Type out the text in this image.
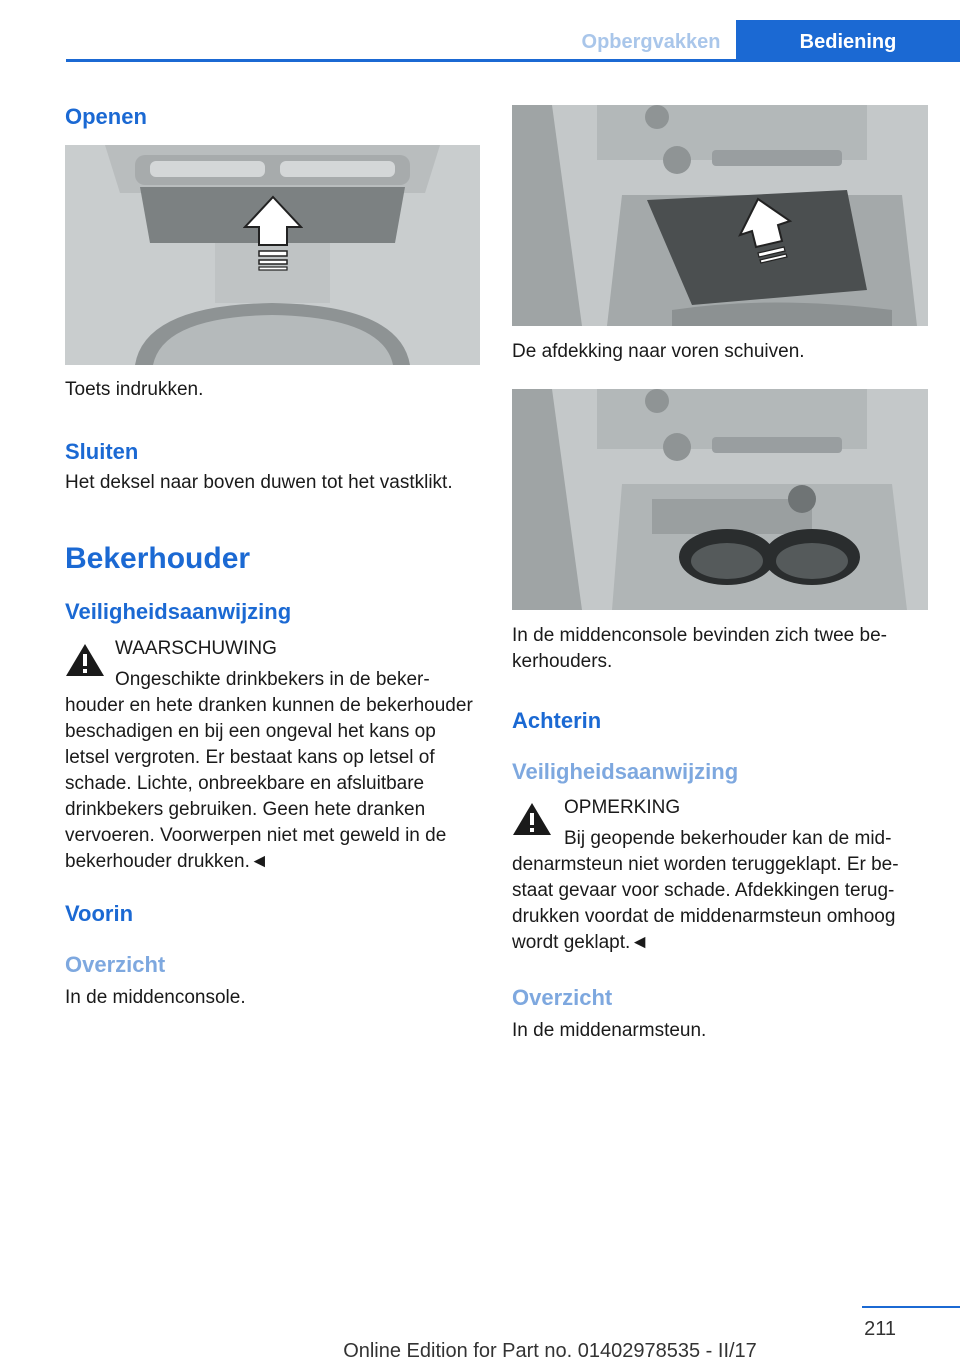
Opbergvakken	Bediening
Openen
Toets indrukken.
Sluiten
Het deksel naar boven duwen tot het vastklikt.
Bekerhouder
Veiligheidsaanwijzing
WAARSCHUWING
Ongeschikte drinkbekers in de bekerhouder en hete dranken kunnen de bekerhouder beschadigen en bij een ongeval het kans op letsel vergroten. Er bestaat kans op letsel of schade. Lichte, onbreekbare en afsluitbare drinkbekers gebruiken. Geen hete dranken vervoeren. Voorwerpen niet met geweld in de bekerhouder drukken.◄
Voorin
Overzicht
In de middenconsole.
De afdekking naar voren schuiven.
In de middenconsole bevinden zich twee bekerhouders.
Achterin
Veiligheidsaanwijzing
OPMERKING
Bij geopende bekerhouder kan de middenarmsteun niet worden teruggeklapt. Er bestaat gevaar voor schade. Afdekkingen terugdrukken voordat de middenarmsteun omhoog wordt geklapt.◄
Overzicht
In de middenarmsteun.
211
Online Edition for Part no. 01402978535 - II/17
